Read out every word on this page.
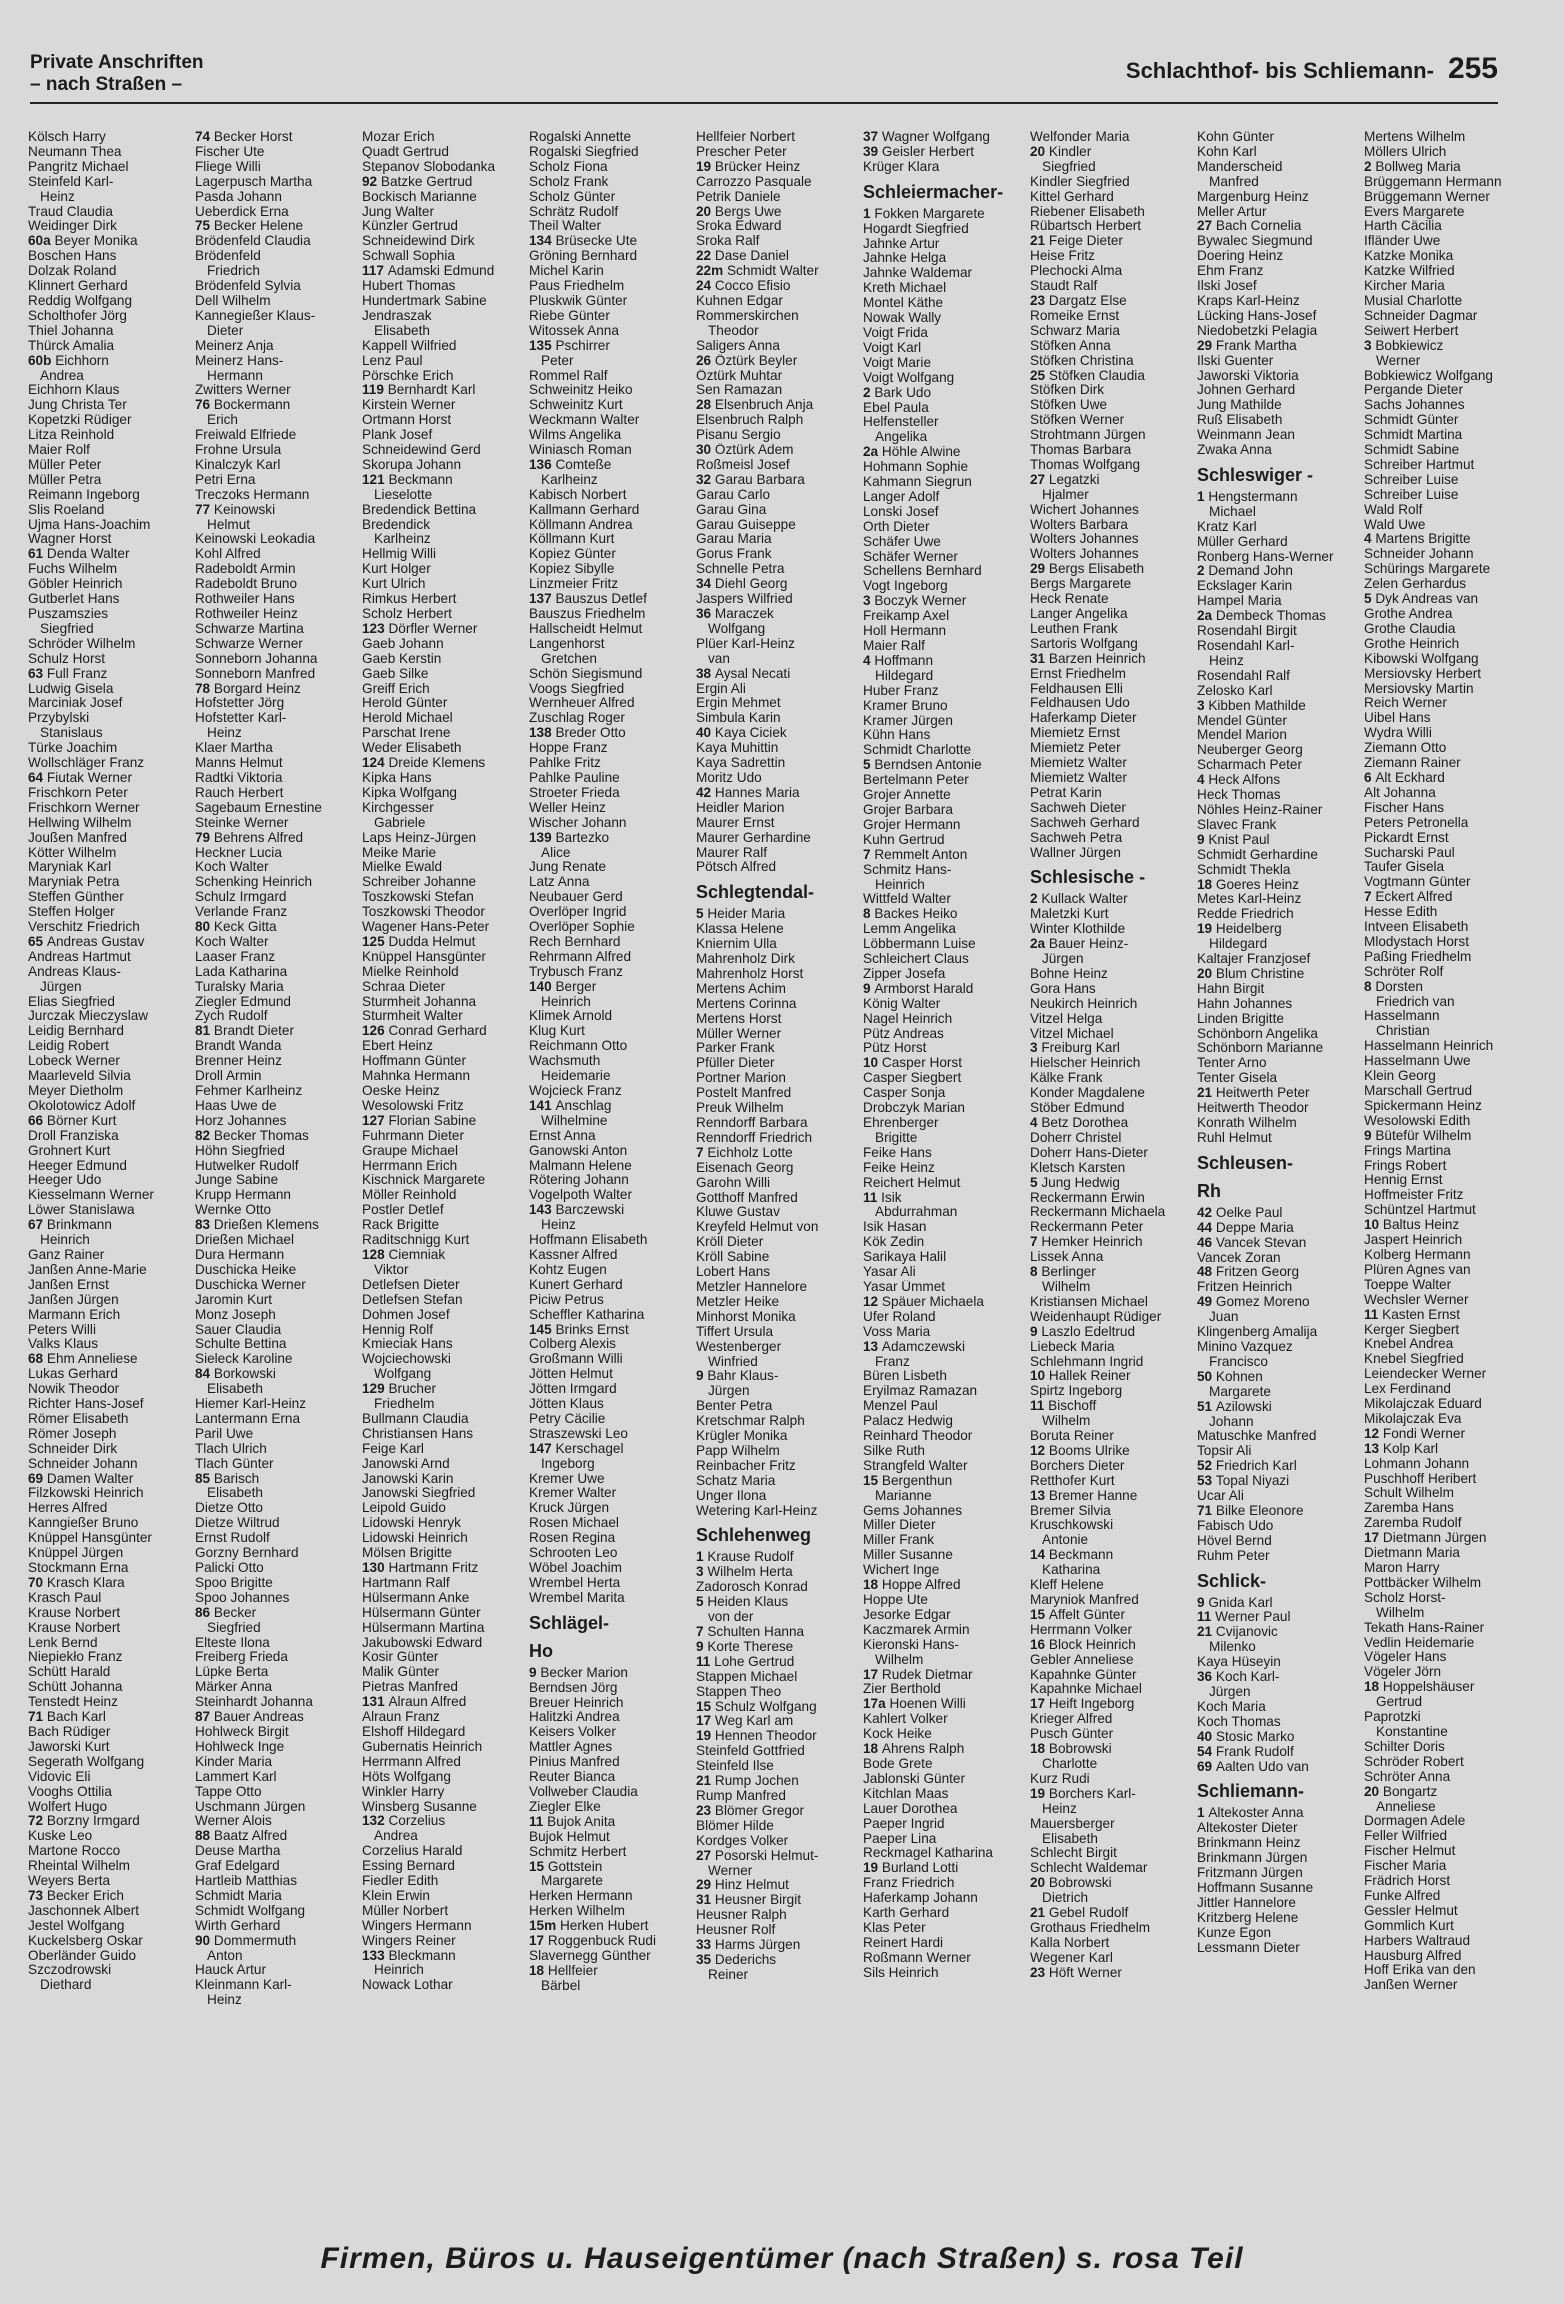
Private Anschriften
– nach Straßen –
Schlachthof- bis Schliemann- 255
Kölsch Harry
Neumann Thea
Pangritz Michael
Steinfeld Karl-
Heinz
Traud Claudia
Weidinger Dirk
60a Beyer Monika
Boschen Hans
Dolzak Roland
Klinnert Gerhard
Reddig Wolfgang
Scholthofer Jörg
Thiel Johanna
Thürck Amalia
60b Eichhorn
Andrea
Eichhorn Klaus
Jung Christa Ter
Kopetzki Rüdiger
Litza Reinhold
Maier Rolf
Müller Peter
Müller Petra
Reimann Ingeborg
Slis Roeland
Ujma Hans-Joachim
Wagner Horst
61 Denda Walter
Fuchs Wilhelm
Göbler Heinrich
Gutberlet Hans
Puszamszies
Siegfried
Schröder Wilhelm
Schulz Horst
63 Full Franz
Ludwig Gisela
Marciniak Josef
Przybylski
Stanislaus
Türke Joachim
Wollschläger Franz
64 Fiutak Werner
Frischkorn Peter
Frischkorn Werner
Hellwing Wilhelm
Joußen Manfred
Kötter Wilhelm
Maryniak Karl
Maryniak Petra
Steffen Günther
Steffen Holger
Verschitz Friedrich
65 Andreas Gustav
Andreas Hartmut
Andreas Klaus-
Jürgen
Elias Siegfried
Jurczak Mieczyslaw
Leidig Bernhard
Leidig Robert
Lobeck Werner
Maarleveld Silvia
Meyer Dietholm
Okolotowicz Adolf
66 Börner Kurt
Droll Franziska
Grohnert Kurt
Heeger Edmund
Heeger Udo
Kiesselmann Werner
Löwer Stanislawa
67 Brinkmann
Heinrich
Ganz Rainer
Janßen Anne-Marie
Janßen Ernst
Janßen Jürgen
Marmann Erich
Peters Willi
Valks Klaus
68 Ehm Anneliese
Lukas Gerhard
Nowik Theodor
Richter Hans-Josef
Römer Elisabeth
Römer Joseph
Schneider Dirk
Schneider Johann
69 Damen Walter
Filzkowski Heinrich
Herres Alfred
Kanngießer Bruno
Knüppel Hansgünter
Knüppel Jürgen
Stockmann Erna
70 Krasch Klara
Krasch Paul
Krause Norbert
Krause Norbert
Lenk Bernd
Niepiekło Franz
Schütt Harald
Schütt Johanna
Tenstedt Heinz
71 Bach Karl
Bach Rüdiger
Jaworski Kurt
Segerath Wolfgang
Vidovic Eli
Vooghs Ottilia
Wolfert Hugo
72 Borzny Irmgard
Kuske Leo
Martone Rocco
Rheintal Wilhelm
Weyers Berta
73 Becker Erich
Jaschonnek Albert
Jestel Wolfgang
Kuckelsberg Oskar
Oberländer Guido
Szczodrowski
Diethard
74 Becker Horst
Fischer Ute
Fliege Willi
Lagerpusch Martha
Pasda Johann
Ueberdick Erna
75 Becker Helene
Brödenfeld Claudia
Brödenfeld
Friedrich
Brödenfeld Sylvia
Dell Wilhelm
Kannegießer Klaus-
Dieter
Meinerz Anja
Meinerz Hans-
Hermann
Zwitters Werner
76 Bockermann
Erich
Freiwald Elfriede
Frohne Ursula
Kinalczyk Karl
Petri Erna
Treczoks Hermann
77 Keinowski
Helmut
Keinowski Leokadia
Kohl Alfred
Radeboldt Armin
Radeboldt Bruno
Rothweiler Hans
Rothweiler Heinz
Schwarze Martina
Schwarze Werner
Sonneborn Johanna
Sonneborn Manfred
78 Borgard Heinz
Hofstetter Jörg
Hofstetter Karl-
Heinz
Klaer Martha
Manns Helmut
Radtki Viktoria
Rauch Herbert
Sagebaum Ernestine
Steinke Werner
79 Behrens Alfred
Heckner Lucia
Koch Walter
Schenking Heinrich
Schulz Irmgard
Verlande Franz
80 Keck Gitta
Koch Walter
Laaser Franz
Lada Katharina
Turalsky Maria
Ziegler Edmund
Zych Rudolf
81 Brandt Dieter
Brandt Wanda
Brenner Heinz
Droll Armin
Fehmer Karlheinz
Haas Uwe de
Horz Johannes
82 Becker Thomas
Höhn Siegfried
Hutwelker Rudolf
Junge Sabine
Krupp Hermann
Wernke Otto
83 Drießen Klemens
Drießen Michael
Dura Hermann
Duschicka Heike
Duschicka Werner
Jaromin Kurt
Monz Joseph
Sauer Claudia
Schulte Bettina
Sieleck Karoline
84 Borkowski
Elisabeth
Hiemer Karl-Heinz
Lantermann Erna
Paril Uwe
Tlach Ulrich
Tlach Günter
85 Barisch
Elisabeth
Dietze Otto
Dietze Wiltrud
Ernst Rudolf
Gorzny Bernhard
Palicki Otto
Spoo Brigitte
Spoo Johannes
86 Becker
Siegfried
Elteste Ilona
Freiberg Frieda
Lüpke Berta
Märker Anna
Steinhardt Johanna
87 Bauer Andreas
Hohlweck Birgit
Hohlweck Inge
Kinder Maria
Lammert Karl
Tappe Otto
Uschmann Jürgen
Werner Alois
88 Baatz Alfred
Deuse Martha
Graf Edelgard
Hartleib Matthias
Schmidt Maria
Schmidt Wolfgang
Wirth Gerhard
90 Dommermuth
Anton
Hauck Artur
Kleinmann Karl-
Heinz
Mozar Erich
Quadt Gertrud
Stepanov Slobodanka
92 Batzke Gertrud
Bockisch Marianne
Jung Walter
Künzler Gertrud
Schneidewind Dirk
Schwall Sophia
117 Adamski Edmund
Hubert Thomas
Hundertmark Sabine
Jendraszak
Elisabeth
Kappell Wilfried
Lenz Paul
Pörschke Erich
119 Bernhardt Karl
Kirstein Werner
Ortmann Horst
Plank Josef
Schneidewind Gerd
Skorupa Johann
121 Beckmann
Lieselotte
Bredendick Bettina
Bredendick
Karlheinz
Hellmig Willi
Kurt Holger
Kurt Ulrich
Rimkus Herbert
Scholz Herbert
123 Dörfler Werner
Gaeb Johann
Gaeb Kerstin
Gaeb Silke
Greiff Erich
Herold Günter
Herold Michael
Parschat Irene
Weder Elisabeth
124 Dreide Klemens
Kipka Hans
Kipka Wolfgang
Kirchgesser
Gabriele
Laps Heinz-Jürgen
Meike Marie
Mielke Ewald
Schreiber Johanne
Toszkowski Stefan
Toszkowski Theodor
Wagener Hans-Peter
125 Dudda Helmut
Knüppel Hansgünter
Mielke Reinhold
Schraa Dieter
Sturmheit Johanna
Sturmheit Walter
126 Conrad Gerhard
Ebert Heinz
Hoffmann Günter
Mahnka Hermann
Oeske Heinz
Wesolowski Fritz
127 Florian Sabine
Fuhrmann Dieter
Graupe Michael
Herrmann Erich
Kischnick Margarete
Möller Reinhold
Postler Detlef
Rack Brigitte
Raditschnigg Kurt
128 Ciemniak
Viktor
Detlefsen Dieter
Detlefsen Stefan
Dohmen Josef
Hennig Rolf
Kmieciak Hans
Wojciechowski
Wolfgang
129 Brucher
Friedhelm
Bullmann Claudia
Christiansen Hans
Feige Karl
Janowski Arnd
Janowski Karin
Janowski Siegfried
Leipold Guido
Lidowski Henryk
Lidowski Heinrich
Mölsen Brigitte
130 Hartmann Fritz
Hartmann Ralf
Hülsermann Anke
Hülsermann Günter
Hülsermann Martina
Jakubowski Edward
Kosir Günter
Malik Günter
Pietras Manfred
131 Alraun Alfred
Alraun Franz
Elshoff Hildegard
Gubernatis Heinrich
Herrmann Alfred
Höts Wolfgang
Winkler Harry
Winsberg Susanne
132 Corzelius
Andrea
Corzelius Harald
Essing Bernard
Fiedler Edith
Klein Erwin
Müller Norbert
Wingers Hermann
Wingers Reiner
133 Bleckmann
Heinrich
Nowack Lothar
Rogalski Annette
Rogalski Siegfried
Scholz Fiona
Scholz Frank
Scholz Günter
Schrätz Rudolf
Theil Walter
134 Brüsecke Ute
Gröning Bernhard
Michel Karin
Paus Friedhelm
Pluskwik Günter
Riebe Günter
Witossek Anna
135 Pschirrer
Peter
Rommel Ralf
Schweinitz Heiko
Schweinitz Kurt
Weckmann Walter
Wilms Angelika
Winiasch Roman
136 Comteße
Karlheinz
Kabisch Norbert
Kallmann Gerhard
Köllmann Andrea
Köllmann Kurt
Kopiez Günter
Kopiez Sibylle
Linzmeier Fritz
137 Bauszus Detlef
Bauszus Friedhelm
Hallscheidt Helmut
Langenhorst
Gretchen
Schön Siegismund
Voogs Siegfried
Wernheuer Alfred
Zuschlag Roger
138 Breder Otto
Hoppe Franz
Pahlke Fritz
Pahlke Pauline
Stroeter Frieda
Weller Heinz
Wischer Johann
139 Bartezko
Alice
Jung Renate
Latz Anna
Neubauer Gerd
Overlöper Ingrid
Overlöper Sophie
Rech Bernhard
Rehrmann Alfred
Trybusch Franz
140 Berger
Heinrich
Klimek Arnold
Klug Kurt
Reichmann Otto
Wachsmuth
Heidemarie
Wojcieck Franz
141 Anschlag
Wilhelmine
Ernst Anna
Ganowski Anton
Malmann Helene
Rötering Johann
Vogelpoth Walter
143 Barczewski
Heinz
Hoffmann Elisabeth
Kassner Alfred
Kohtz Eugen
Kunert Gerhard
Piciw Petrus
Scheffler Katharina
145 Brinks Ernst
Colberg Alexis
Großmann Willi
Jötten Helmut
Jötten Irmgard
Jötten Klaus
Petry Cäcilie
Straszewski Leo
147 Kerschagel
Ingeborg
Kremer Uwe
Kremer Walter
Kruck Jürgen
Rosen Michael
Rosen Regina
Schrooten Leo
Wöbel Joachim
Wrembel Herta
Wrembel Marita
Schlägel-
Ho
9 Becker Marion
Berndsen Jörg
Breuer Heinrich
Halitzki Andrea
Keisers Volker
Mattler Agnes
Pinius Manfred
Reuter Bianca
Vollweber Claudia
Ziegler Elke
11 Bujok Anita
Bujok Helmut
Schmitz Herbert
15 Gottstein
Margarete
Herken Hermann
Herken Wilhelm
15m Herken Hubert
17 Roggenbuck Rudi
Slavernegg Günther
18 Hellfeier
Bärbel
Hellfeier Norbert
Prescher Peter
19 Brücker Heinz
Carrozzo Pasquale
Petrik Daniele
20 Bergs Uwe
Sroka Edward
Sroka Ralf
22 Dase Daniel
22m Schmidt Walter
24 Cocco Efisio
Kuhnen Edgar
Rommerskirchen
Theodor
Saligers Anna
26 Öztürk Beyler
Öztürk Muhtar
Sen Ramazan
28 Elsenbruch Anja
Elsenbruch Ralph
Pisanu Sergio
30 Öztürk Adem
Roßmeisl Josef
32 Garau Barbara
Garau Carlo
Garau Gina
Garau Guiseppe
Garau Maria
Gorus Frank
Schnelle Petra
34 Diehl Georg
Jaspers Wilfried
36 Maraczek
Wolfgang
Plüer Karl-Heinz
van
38 Aysal Necati
Ergin Ali
Ergin Mehmet
Simbula Karin
40 Kaya Ciciek
Kaya Muhittin
Kaya Sadrettin
Moritz Udo
42 Hannes Maria
Heidler Marion
Maurer Ernst
Maurer Gerhardine
Maurer Ralf
Pötsch Alfred
Schlegtendal-
5 Heider Maria
Klassa Helene
Kniernim Ulla
Mahrenholz Dirk
Mahrenholz Horst
Mertens Achim
Mertens Corinna
Mertens Horst
Müller Werner
Parker Frank
Pfüller Dieter
Portner Marion
Postelt Manfred
Preuk Wilhelm
Renndorff Barbara
Renndorff Friedrich
7 Eichholz Lotte
Eisenach Georg
Garohn Willi
Gotthoff Manfred
Kluwe Gustav
Kreyfeld Helmut von
Kröll Dieter
Kröll Sabine
Lobert Hans
Metzler Hannelore
Metzler Heike
Minhorst Monika
Tiffert Ursula
Westenberger
Winfried
9 Bahr Klaus-
Jürgen
Benter Petra
Kretschmar Ralph
Krügler Monika
Papp Wilhelm
Reinbacher Fritz
Schatz Maria
Unger Ilona
Wetering Karl-Heinz
Schlehenweg
1 Krause Rudolf
3 Wilhelm Herta
Zadorosch Konrad
5 Heiden Klaus
von der
7 Schulten Hanna
9 Korte Therese
11 Lohe Gertrud
Stappen Michael
Stappen Theo
15 Schulz Wolfgang
17 Weg Karl am
19 Hennen Theodor
Steinfeld Gottfried
Steinfeld Ilse
21 Rump Jochen
Rump Manfred
23 Blömer Gregor
Blömer Hilde
Kordges Volker
27 Posorski Helmut-
Werner
29 Hinz Helmut
31 Heusner Birgit
Heusner Ralph
Heusner Rolf
33 Harms Jürgen
35 Dederichs
Reiner
37 Wagner Wolfgang
39 Geisler Herbert
Krüger Klara
Schleiermacher-
1 Fokken Margarete
Hogardt Siegfried
Jahnke Artur
Jahnke Helga
Jahnke Waldemar
Kreth Michael
Montel Käthe
Nowak Wally
Voigt Frida
Voigt Karl
Voigt Marie
Voigt Wolfgang
2 Bark Udo
Ebel Paula
Helfensteller
Angelika
2a Höhle Alwine
Hohmann Sophie
Kahmann Siegrun
Langer Adolf
Lonski Josef
Orth Dieter
Schäfer Uwe
Schäfer Werner
Schellens Bernhard
Vogt Ingeborg
3 Boczyk Werner
Freikamp Axel
Holl Hermann
Maier Ralf
4 Hoffmann
Hildegard
Huber Franz
Kramer Bruno
Kramer Jürgen
Kühn Hans
Schmidt Charlotte
5 Berndsen Antonie
Bertelmann Peter
Grojer Annette
Grojer Barbara
Grojer Hermann
Kuhn Gertrud
7 Remmelt Anton
Schmitz Hans-
Heinrich
Wittfeld Walter
8 Backes Heiko
Lemm Angelika
Löbbermann Luise
Schleichert Claus
Zipper Josefa
9 Armborst Harald
König Walter
Nagel Heinrich
Pütz Andreas
Pütz Horst
10 Casper Horst
Casper Siegbert
Casper Sonja
Drobczyk Marian
Ehrenberger
Brigitte
Feike Hans
Feike Heinz
Reichert Helmut
11 Isik
Abdurrahman
Isik Hasan
Kök Zedin
Sarikaya Halil
Yasar Ali
Yasar Ümmet
12 Späuer Michaela
Ufer Roland
Voss Maria
13 Adamczewski
Franz
Büren Lisbeth
Eryilmaz Ramazan
Menzel Paul
Palacz Hedwig
Reinhard Theodor
Silke Ruth
Strangfeld Walter
15 Bergenthun
Marianne
Gems Johannes
Miller Dieter
Miller Frank
Miller Susanne
Wichert Inge
18 Hoppe Alfred
Hoppe Ute
Jesorke Edgar
Kaczmarek Armin
Kieronski Hans-
Wilhelm
17 Rudek Dietmar
Zier Berthold
17a Hoenen Willi
Kahlert Volker
Kock Heike
18 Ahrens Ralph
Bode Grete
Jablonski Günter
Kitchlan Maas
Lauer Dorothea
Paeper Ingrid
Paeper Lina
Reckmagel Katharina
19 Burland Lotti
Franz Friedrich
Haferkamp Johann
Karth Gerhard
Klas Peter
Reinert Hardi
Roßmann Werner
Sils Heinrich
Welfonder Maria
20 Kindler
Siegfried
Kindler Siegfried
Kittel Gerhard
Riebener Elisabeth
Rübartsch Herbert
21 Feige Dieter
Heise Fritz
Plechocki Alma
Staudt Ralf
23 Dargatz Else
Romeike Ernst
Schwarz Maria
Stöfken Anna
Stöfken Christina
25 Stöfken Claudia
Stöfken Dirk
Stöfken Uwe
Stöfken Werner
Strohtmann Jürgen
Thomas Barbara
Thomas Wolfgang
27 Legatzki
Hjalmer
Wichert Johannes
Wolters Barbara
Wolters Johannes
Wolters Johannes
29 Bergs Elisabeth
Bergs Margarete
Heck Renate
Langer Angelika
Leuthen Frank
Sartoris Wolfgang
31 Barzen Heinrich
Ernst Friedhelm
Feldhausen Elli
Feldhausen Udo
Haferkamp Dieter
Miemietz Ernst
Miemietz Peter
Miemietz Walter
Miemietz Walter
Petrat Karin
Sachweh Dieter
Sachweh Gerhard
Sachweh Petra
Wallner Jürgen
Schlesische -
2 Kullack Walter
Maletzki Kurt
Winter Klothilde
2a Bauer Heinz-
Jürgen
Bohne Heinz
Gora Hans
Neukirch Heinrich
Vitzel Helga
Vitzel Michael
3 Freiburg Karl
Hielscher Heinrich
Kälke Frank
Konder Magdalene
Stöber Edmund
4 Betz Dorothea
Doherr Christel
Doherr Hans-Dieter
Kletsch Karsten
5 Jung Hedwig
Reckermann Erwin
Reckermann Michaela
Reckermann Peter
7 Hemker Heinrich
Lissek Anna
8 Berlinger
Wilhelm
Kristiansen Michael
Weidenhaupt Rüdiger
9 Laszlo Edeltrud
Liebeck Maria
Schlehmann Ingrid
10 Hallek Reiner
Spirtz Ingeborg
11 Bischoff
Wilhelm
Boruta Reiner
12 Booms Ulrike
Borchers Dieter
Retthofer Kurt
13 Bremer Hanne
Bremer Silvia
Kruschkowski
Antonie
14 Beckmann
Katharina
Kleff Helene
Maryniok Manfred
15 Affelt Günter
Herrmann Volker
16 Block Heinrich
Gebler Anneliese
Kapahnke Günter
Kapahnke Michael
17 Heift Ingeborg
Krieger Alfred
Pusch Günter
18 Bobrowski
Charlotte
Kurz Rudi
19 Borchers Karl-
Heinz
Mauersberger
Elisabeth
Schlecht Birgit
Schlecht Waldemar
20 Bobrowski
Dietrich
21 Gebel Rudolf
Grothaus Friedhelm
Kalla Norbert
Wegener Karl
23 Höft Werner
Kohn Günter
Kohn Karl
Manderscheid
Manfred
Margenburg Heinz
Meller Artur
27 Bach Cornelia
Bywalec Siegmund
Doering Heinz
Ehm Franz
Ilski Josef
Kraps Karl-Heinz
Lücking Hans-Josef
Niedobetzki Pelagia
29 Frank Martha
Ilski Guenter
Jaworski Viktoria
Johnen Gerhard
Jung Mathilde
Ruß Elisabeth
Weinmann Jean
Zwaka Anna
Schleswiger -
1 Hengstermann
Michael
Kratz Karl
Müller Gerhard
Ronberg Hans-Werner
2 Demand John
Eckslager Karin
Hampel Maria
2a Dembeck Thomas
Rosendahl Birgit
Rosendahl Karl-
Heinz
Rosendahl Ralf
Zelosko Karl
3 Kibben Mathilde
Mendel Günter
Mendel Marion
Neuberger Georg
Scharmach Peter
4 Heck Alfons
Heck Thomas
Nöhles Heinz-Rainer
Slavec Frank
9 Knist Paul
Schmidt Gerhardine
Schmidt Thekla
18 Goeres Heinz
Metes Karl-Heinz
Redde Friedrich
19 Heidelberg
Hildegard
Kaltajer Franzjosef
20 Blum Christine
Hahn Birgit
Hahn Johannes
Linden Brigitte
Schönborn Angelika
Schönborn Marianne
Tenter Arno
Tenter Gisela
21 Heitwerth Peter
Heitwerth Theodor
Konrath Wilhelm
Ruhl Helmut
Schleusen-
Rh
42 Oelke Paul
44 Deppe Maria
46 Vancek Stevan
Vancek Zoran
48 Fritzen Georg
Fritzen Heinrich
49 Gomez Moreno
Juan
Klingenberg Amalija
Minino Vazquez
Francisco
50 Kohnen
Margarete
51 Azilowski
Johann
Matuschke Manfred
Topsir Ali
52 Friedrich Karl
53 Topal Niyazi
Ucar Ali
71 Bilke Eleonore
Fabisch Udo
Hövel Bernd
Ruhm Peter
Schlick-
9 Gnida Karl
11 Werner Paul
21 Cvijanovic
Milenko
Kaya Hüseyin
36 Koch Karl-
Jürgen
Koch Maria
Koch Thomas
40 Stosic Marko
54 Frank Rudolf
69 Aalten Udo van
Schliemann-
1 Altekoster Anna
Altekoster Dieter
Brinkmann Heinz
Brinkmann Jürgen
Fritzmann Jürgen
Hoffmann Susanne
Jittler Hannelore
Kritzberg Helene
Kunze Egon
Lessmann Dieter
Mertens Wilhelm
Möllers Ulrich
2 Bollweg Maria
Brüggemann Hermann
Brüggemann Werner
Evers Margarete
Harth Cäcilia
Ifländer Uwe
Katzke Monika
Katzke Wilfried
Kircher Maria
Musial Charlotte
Schneider Dagmar
Seiwert Herbert
3 Bobkiewicz
Werner
Bobkiewicz Wolfgang
Pergande Dieter
Sachs Johannes
Schmidt Günter
Schmidt Martina
Schmidt Sabine
Schreiber Hartmut
Schreiber Luise
Schreiber Luise
Wald Rolf
Wald Uwe
4 Martens Brigitte
Schneider Johann
Schürings Margarete
Zelen Gerhardus
5 Dyk Andreas van
Grothe Andrea
Grothe Claudia
Grothe Heinrich
Kibowski Wolfgang
Mersiovsky Herbert
Mersiovsky Martin
Reich Werner
Uibel Hans
Wydra Willi
Ziemann Otto
Ziemann Rainer
6 Alt Eckhard
Alt Johanna
Fischer Hans
Peters Petronella
Pickardt Ernst
Sucharski Paul
Taufer Gisela
Vogtmann Günter
7 Eckert Alfred
Hesse Edith
Intveen Elisabeth
Mlodystach Horst
Paßing Friedhelm
Schröter Rolf
8 Dorsten
Friedrich van
Hasselmann
Christian
Hasselmann Heinrich
Hasselmann Uwe
Klein Georg
Marschall Gertrud
Spickermann Heinz
Wesolowski Edith
9 Bütefür Wilhelm
Frings Martina
Frings Robert
Hennig Ernst
Hoffmeister Fritz
Schüntzel Hartmut
10 Baltus Heinz
Jaspert Heinrich
Kolberg Hermann
Plüren Agnes van
Toeppe Walter
Wechsler Werner
11 Kasten Ernst
Kerger Siegbert
Knebel Andrea
Knebel Siegfried
Leiendecker Werner
Lex Ferdinand
Mikolajczak Eduard
Mikolajczak Eva
12 Fondi Werner
13 Kolp Karl
Lohmann Johann
Puschhoff Heribert
Schult Wilhelm
Zaremba Hans
Zaremba Rudolf
17 Dietmann Jürgen
Dietmann Maria
Maron Harry
Pottbäcker Wilhelm
Scholz Horst-
Wilhelm
Tekath Hans-Rainer
Vedlin Heidemarie
Vögeler Hans
Vögeler Jörn
18 Hoppelshäuser
Gertrud
Paprotzki
Konstantine
Schilter Doris
Schröder Robert
Schröter Anna
20 Bongartz
Anneliese
Dormagen Adele
Feller Wilfried
Fischer Helmut
Fischer Maria
Frädrich Horst
Funke Alfred
Gessler Helmut
Gommlich Kurt
Harbers Waltraud
Hausburg Alfred
Hoff Erika van den
Janßen Werner
Firmen, Büros u. Hauseigentümer (nach Straßen) s. rosa Teil
